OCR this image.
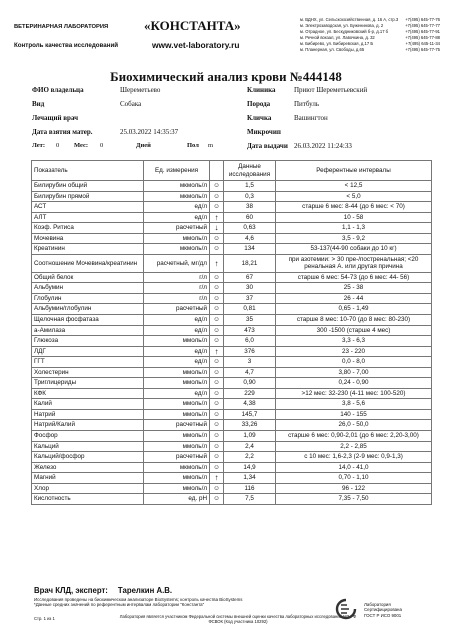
ВЕТЕРИНАРНАЯ ЛАБОРАТОРИЯ	«КОНСТАНТА»
Контроль качества исследований	www.vet-laboratory.ru
м. ВДНХ, ул. Сельскохозяйственная, д. 16 А, стр.3 +7(495) 645-77-76
м. Электрозаводская, ул. Буженинова, д. 2	+7(495) 645-77-77
м. Отрадное, ул. Бескудниковский б-р, д.17 б	+7(495) 645-77-91
м. Речной вокзал, ул. Лавочкина, д. 32	+7(495) 645-77-88
м. Бибирево, ул. Бибиревская, д.17 Б	+7(495) 645-11-34
м. Планерная, ул. Свободы, д.65	+7(495) 645-77-75
Биохимический анализ крови №444148
ФИО владельца	Шереметьево	Клиника	Приют Шереметьевский
Вид	Собака	Порода	Питбуль
Лечащий врач	Кличка	Вашингтон
Дата взятия матер.	25.03.2022 14:35:37	Микрочип
Лет: 0 Мес: 0	Дней	Пол m	Дата выдачи 26.03.2022 11:24:33
Показатель	Ед. измерения		Данные исследования	Референтные интервалы
Билирубин общий	мкмоль/л	☺	1,5	< 12,5
Билирубин прямой	мкмоль/л	☺	0,3	< 5,0
АСТ	ед/л	☺	38	старше 6 мес: 8-44 (до 6 мес: < 70)
АЛТ	ед/л	↑	60	10 - 58
Коэф. Ритиса	расчетный	↓	0,63	1,1 - 1,3
Мочевина	ммоль/л	☺	4,6	3,5 - 9,2
Креатинин	мкмоль/л	☺	134	53-137(44-90 собаки до 10 кг)
Соотношение Мочевина/креатинин	расчетный, мг/дл	↑	18,21	при азотемии: > 30 пре-/постренальная; <20 ренальная А. или другая причина
Общий белок	г/л	☺	67	старше 6 мес: 54-73 (до 6 мес: 44- 56)
Альбумин	г/л	☺	30	25 - 38
Глобулин	г/л	☺	37	26 - 44
Альбумин/глобулин	расчетный	☺	0,81	0,65 - 1,49
Щелочная фосфатаза	ед/л	☺	35	старше 8 мес: 10-70 (до 8 мес: 80-230)
а-Амилаза	ед/л	☺	473	300 -1500 (старше 4 мес)
Глюкоза	ммоль/л	☺	6,0	3,3 - 6,3
ЛДГ	ед/л	↑	376	23 - 220
ГГТ	ед/л	☺	3	0,0 - 8,0
Холестерин	ммоль/л	☺	4,7	3,80 - 7,00
Триглицериды	ммоль/л	☺	0,90	0,24 - 0,90
КФК	ед/л	☺	229	>12 мес: 32-230 (4-11 мес: 100-520)
Калий	ммоль/л	☺	4,38	3,8 - 5,6
Натрий	ммоль/л	☺	145,7	140 - 155
Натрий/Калий	расчетный	☺	33,26	26,0 - 50,0
Фосфор	ммоль/л	☺	1,09	старше 6 мес: 0,90-2,01 (до 6 мес: 2,20-3,00)
Кальций	ммоль/л	☺	2,4	2,2 - 2,85
Кальций/фосфор	расчетный	☺	2,2	с 10 мес: 1,6-2,3 (2-9 мес: 0,9-1,3)
Железо	мкмоль/л	☺	14,9	14,0 - 41,0
Магний	ммоль/л	↑	1,34	0,70 - 1,10
Хлор	ммоль/л	☺	116	96 - 122
Кислотность	ед. рН	☺	7,5	7,35 - 7,50
Врач КЛД, эксперт: Тарелкин А.В.
Исследования проведены на биохимическом анализаторе BioSystems; контроль качества BioSystems
*Данные средних значений по референтным интервалам лаборатории "Константа"
Стр. 1 из 1	Лаборатория является участником Федеральной системы внешней оценки качества лабораторных исследований МЗ РФ ФСВОК (Код участника 10292)
Лаборатория
Сертифицирована
ГОСТ Р ИСО 9001
